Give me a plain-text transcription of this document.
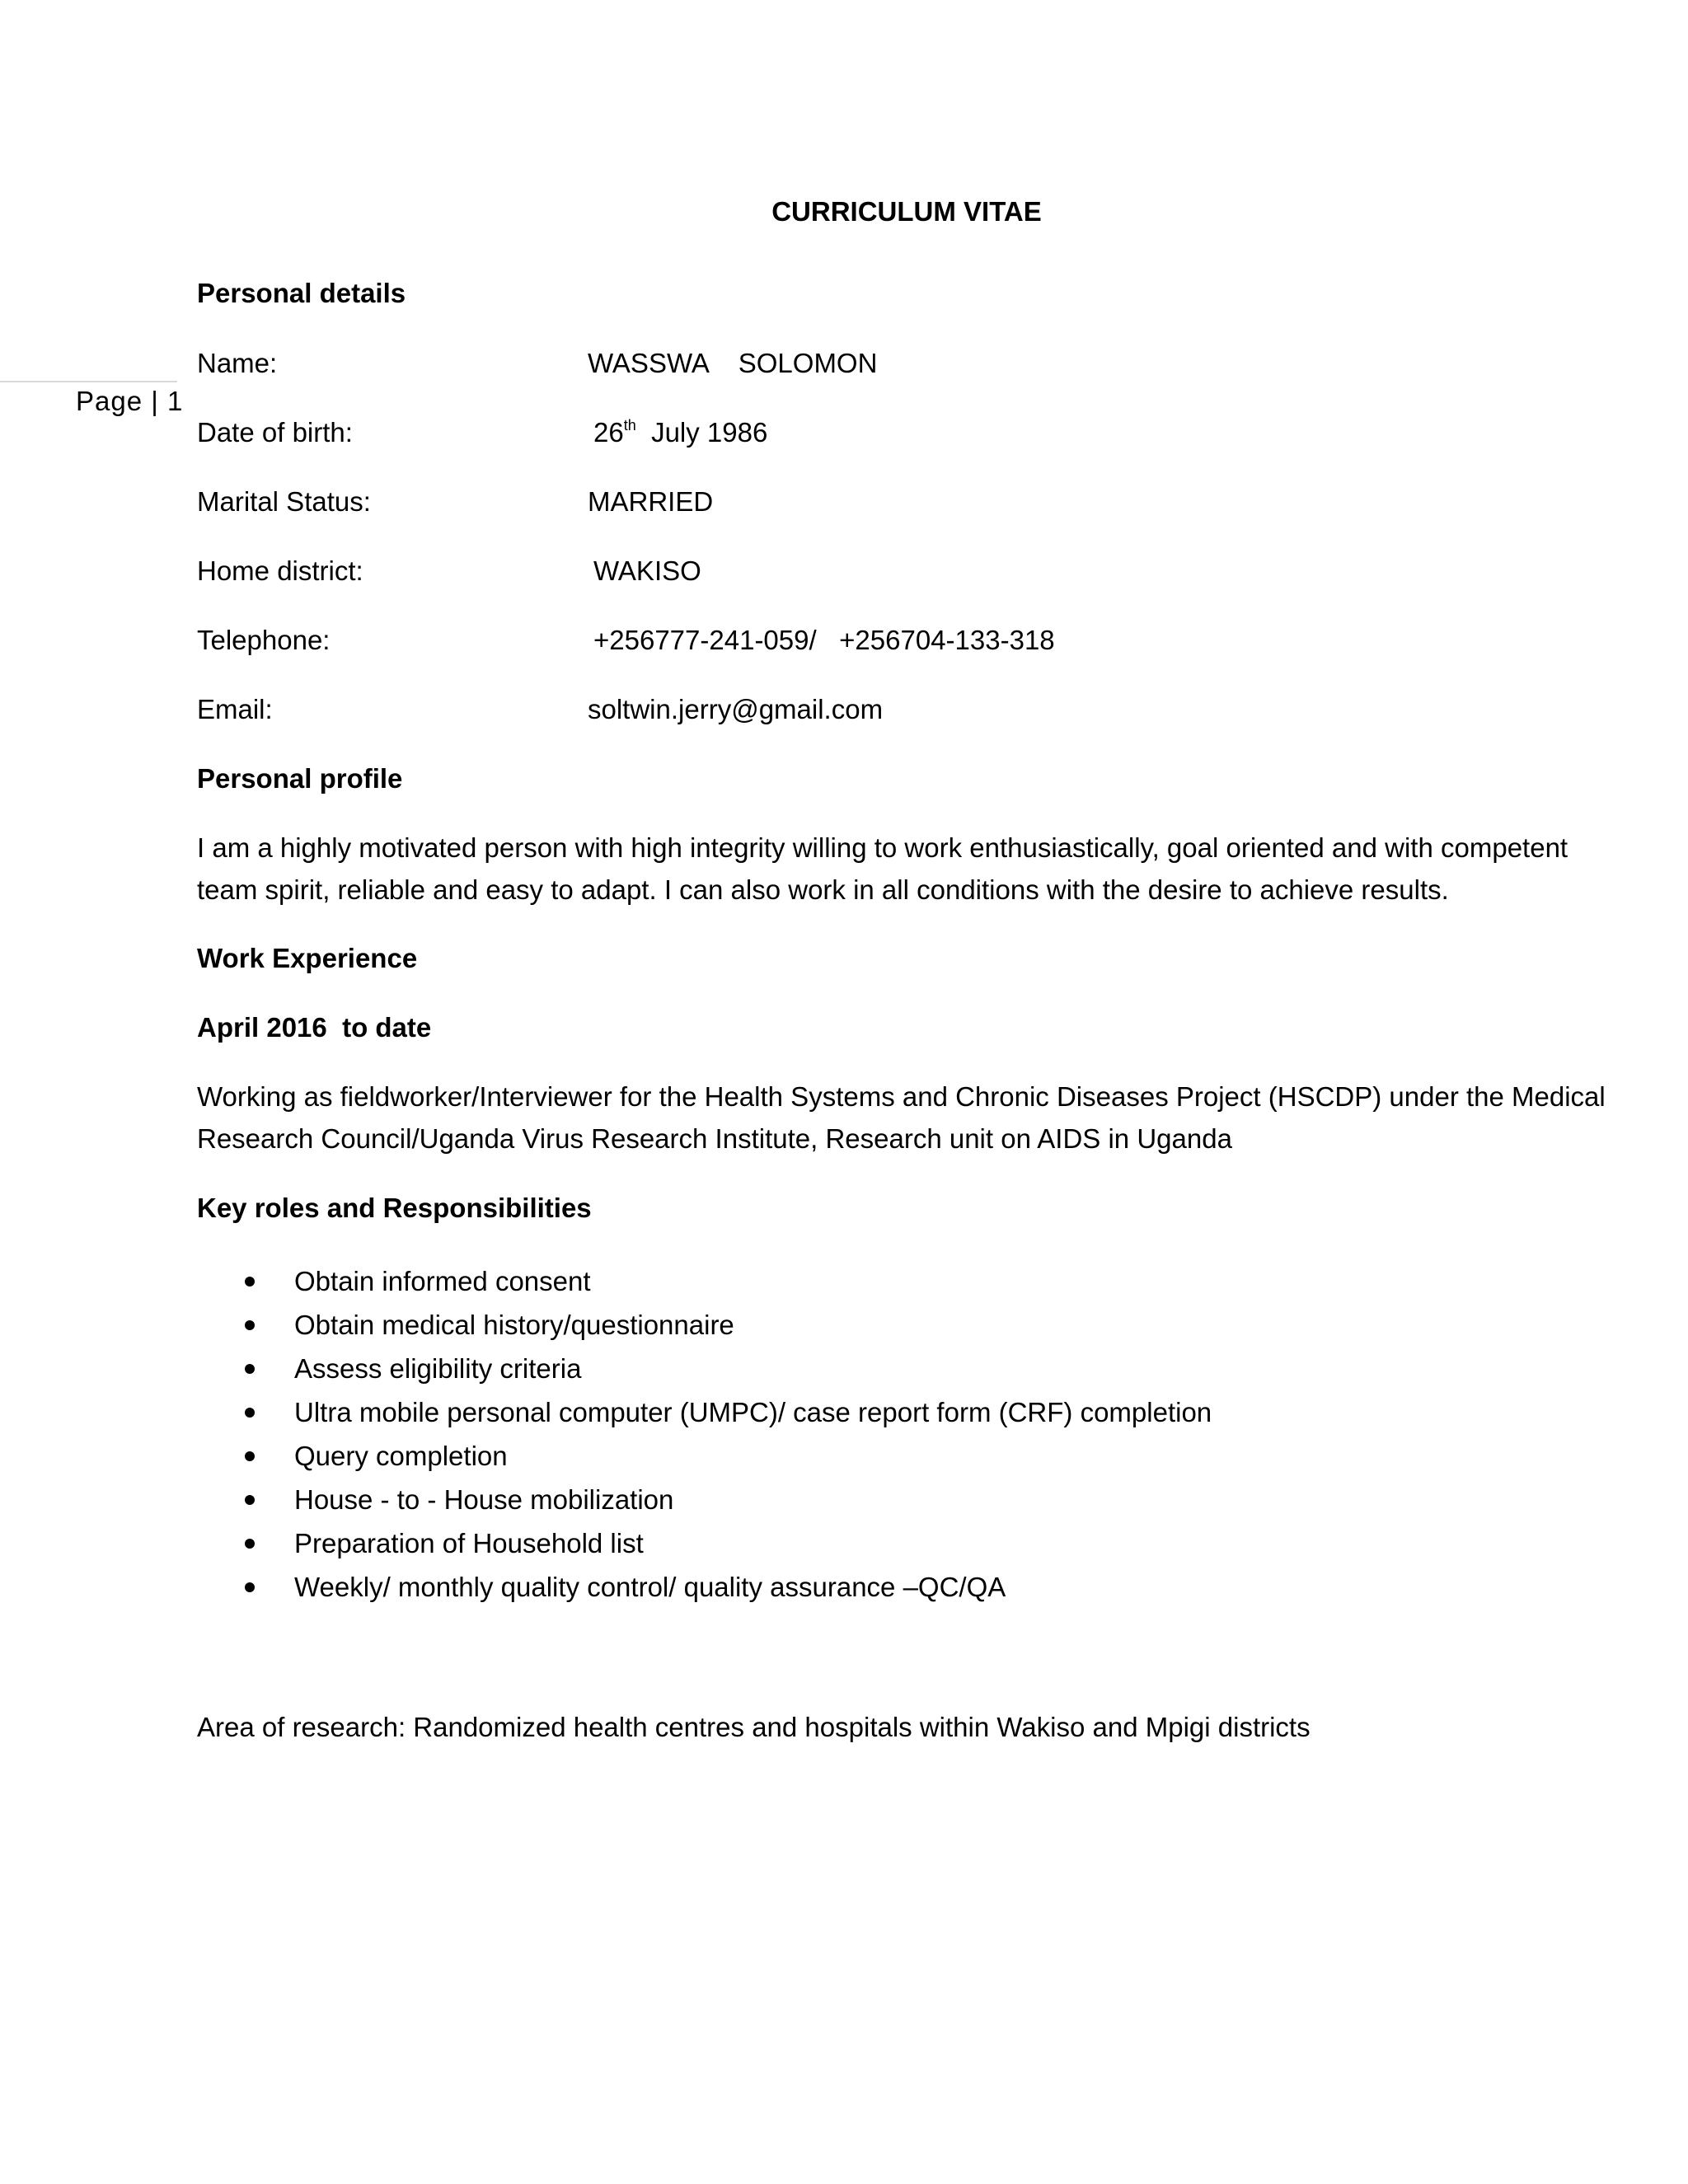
Page | 1
CURRICULUM VITAE
Personal details
Name:	WASSWA    SOLOMON
Date of birth:	26th  July 1986
Marital Status:	MARRIED
Home district:	WAKISO
Telephone:	+256777-241-059/   +256704-133-318
Email:	soltwin.jerry@gmail.com
Personal profile
I am a highly motivated person with high integrity willing to work enthusiastically, goal oriented and with competent team spirit, reliable and easy to adapt. I can also work in all conditions with the desire to achieve results.
Work Experience
April 2016  to date
Working as fieldworker/Interviewer for the Health Systems and Chronic Diseases Project (HSCDP) under the Medical Research Council/Uganda Virus Research Institute, Research unit on AIDS in Uganda
Key roles and Responsibilities
Obtain informed consent
Obtain medical history/questionnaire
Assess eligibility criteria
Ultra mobile personal computer (UMPC)/ case report form (CRF) completion
Query completion
House - to - House mobilization
Preparation of Household list
Weekly/ monthly quality control/ quality assurance –QC/QA
Area of research: Randomized health centres and hospitals within Wakiso and Mpigi districts
